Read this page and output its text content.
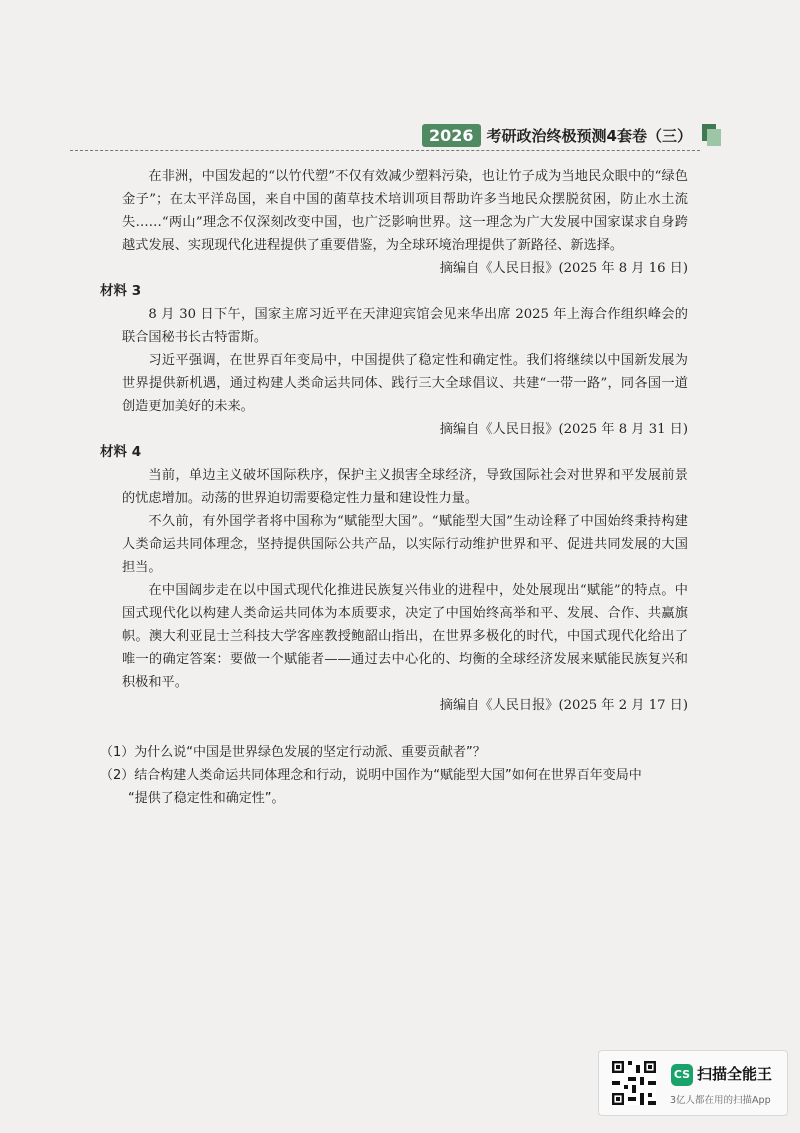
2026 考研政治终极预测4套卷（三）

在非洲，中国发起的“以竹代塑”不仅有效减少塑料污染，也让竹子成为当地民众眼中的“绿色金子”；在太平洋岛国，来自中国的菌草技术培训项目帮助许多当地民众摆脱贫困，防止水土流失……“两山”理念不仅深刻改变中国，也广泛影响世界。这一理念为广大发展中国家谋求自身跨越式发展、实现现代化进程提供了重要借鉴，为全球环境治理提供了新路径、新选择。

摘编自《人民日报》(2025 年 8 月 16 日)

材料 3

8 月 30 日下午，国家主席习近平在天津迎宾馆会见来华出席 2025 年上海合作组织峰会的联合国秘书长古特雷斯。

习近平强调，在世界百年变局中，中国提供了稳定性和确定性。我们将继续以中国新发展为世界提供新机遇，通过构建人类命运共同体、践行三大全球倡议、共建“一带一路”，同各国一道创造更加美好的未来。

摘编自《人民日报》(2025 年 8 月 31 日)

材料 4

当前，单边主义破坏国际秩序，保护主义损害全球经济，导致国际社会对世界和平发展前景的忧虑增加。动荡的世界迫切需要稳定性力量和建设性力量。

不久前，有外国学者将中国称为“赋能型大国”。“赋能型大国”生动诠释了中国始终秉持构建人类命运共同体理念，坚持提供国际公共产品，以实际行动维护世界和平、促进共同发展的大国担当。

在中国阔步走在以中国式现代化推进民族复兴伟业的进程中，处处展现出“赋能”的特点。中国式现代化以构建人类命运共同体为本质要求，决定了中国始终高举和平、发展、合作、共赢旗帜。澳大利亚昆士兰科技大学客座教授鲍韶山指出，在世界多极化的时代，中国式现代化给出了唯一的确定答案：要做一个赋能者——通过去中心化的、均衡的全球经济发展来赋能民族复兴和积极和平。

摘编自《人民日报》(2025 年 2 月 17 日)

（1）为什么说“中国是世界绿色发展的坚定行动派、重要贡献者”？

（2）结合构建人类命运共同体理念和行动，说明中国作为“赋能型大国”如何在世界百年变局中

“提供了稳定性和确定性”。

CS 扫描全能王
3亿人都在用的扫描App
